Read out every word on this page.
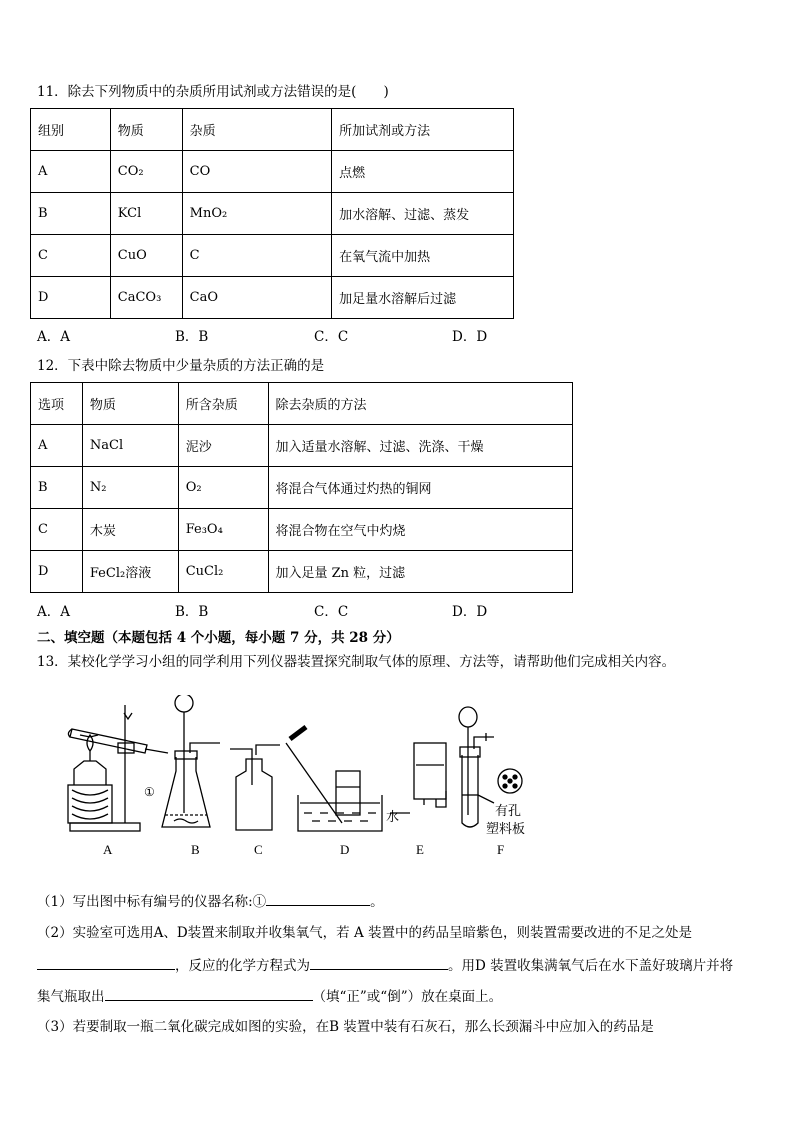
11．除去下列物质中的杂质所用试剂或方法错误的是(　　)
组别	物质	杂质	所加试剂或方法
A	CO₂	CO	点燃
B	KCl	MnO₂	加水溶解、过滤、蒸发
C	CuO	C	在氧气流中加热
D	CaCO₃	CaO	加足量水溶解后过滤
A．A	B．B	C．C	D．D
12．下表中除去物质中少量杂质的方法正确的是
选项	物质	所含杂质	除去杂质的方法
A	NaCl	泥沙	加入适量水溶解、过滤、洗涤、干燥
B	N₂	O₂	将混合气体通过灼热的铜网
C	木炭	Fe₃O₄	将混合物在空气中灼烧
D	FeCl₂溶液	CuCl₂	加入足量 Zn 粒，过滤
A．A	B．B	C．C	D．D
二、填空题（本题包括 4 个小题，每小题 7 分，共 28 分）
13．某校化学学习小组的同学利用下列仪器装置探究制取气体的原理、方法等，请帮助他们完成相关内容。
①
水	有孔
塑料板
A	B	C	D	E	F
（1）写出图中标有编号的仪器名称:①	。
（2）实验室可选用A、D装置来制取并收集氧气，若 A 装置中的药品呈暗紫色，则装置需要改进的不足之处是
，反应的化学方程式为	。用D 装置收集满氧气后在水下盖好玻璃片并将
集气瓶取出	（填“正”或“倒”）放在桌面上。
（3）若要制取一瓶二氧化碳完成如图的实验，在B 装置中装有石灰石，那么长颈漏斗中应加入的药品是
